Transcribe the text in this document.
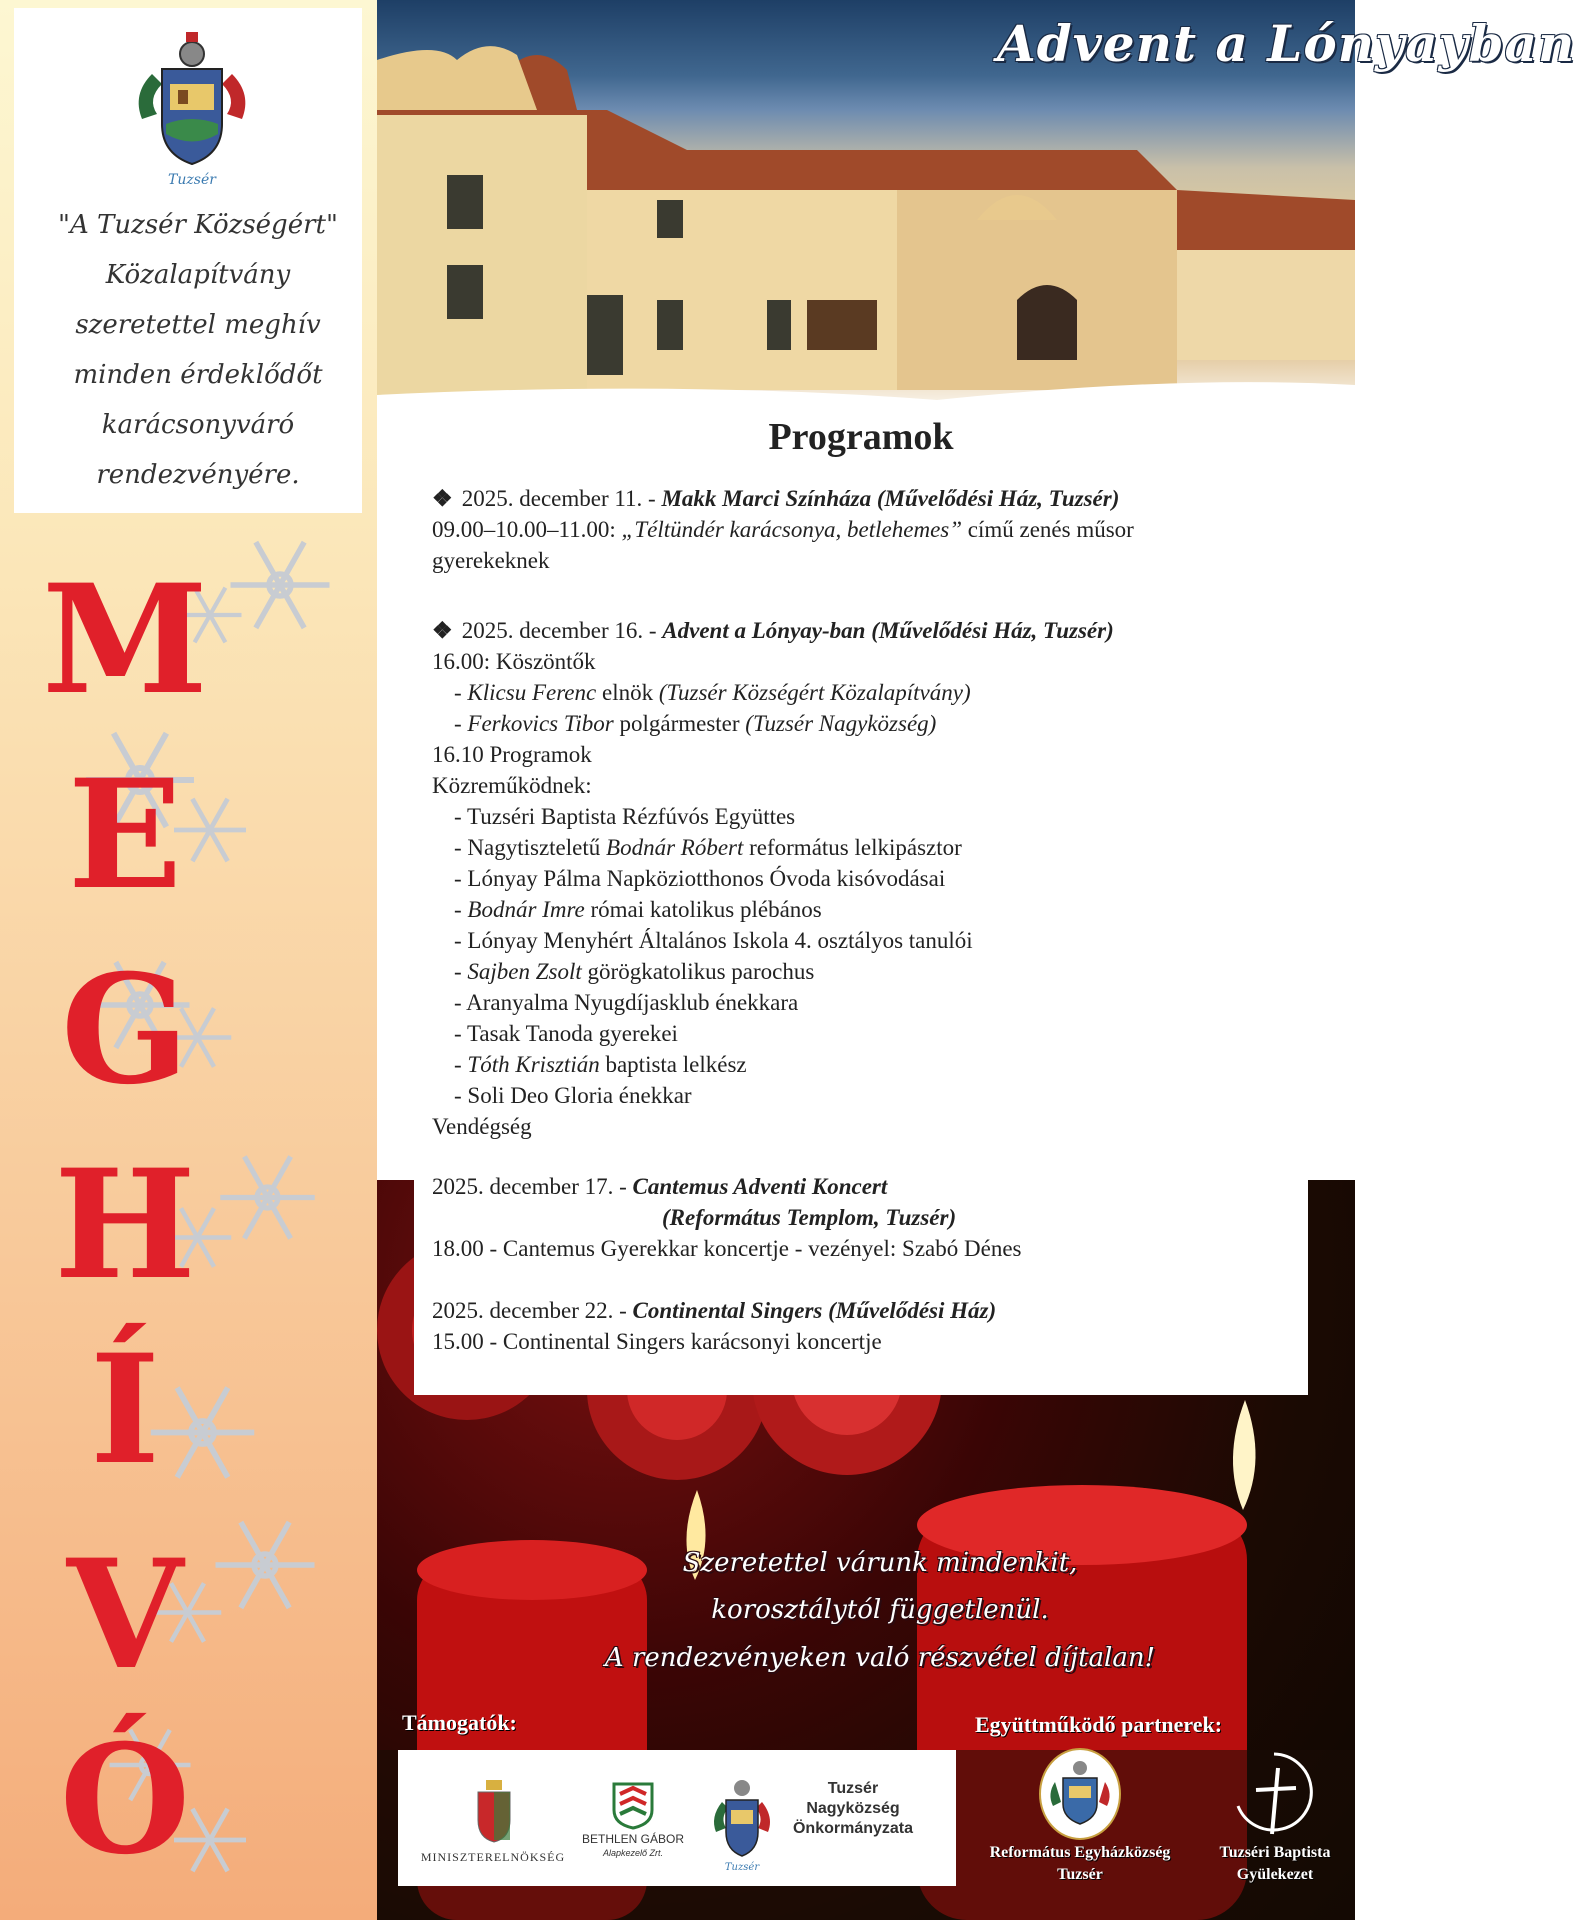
Tuzsér
"A Tuzsér Községért"
Közalapítvány
szeretettel meghív
minden érdeklődőt
karácsonyváró
rendezvényére.
M
E
G
H
Í
V
Ó
Advent a Lónyayban
Programok
❖ 2025. december 11. - Makk Marci Színháza (Művelődési Ház, Tuzsér)
09.00–10.00–11.00: „Téltündér karácsonya, betlehemes” című zenés műsor
gyerekeknek
❖ 2025. december 16. - Advent a Lónyay-ban (Művelődési Ház, Tuzsér)
16.00: Köszöntők
- Klicsu Ferenc elnök (Tuzsér Községért Közalapítvány)
- Ferkovics Tibor polgármester (Tuzsér Nagyközség)
16.10 Programok
Közreműködnek:
- Tuzséri Baptista Rézfúvós Együttes
- Nagytiszteletű Bodnár Róbert református lelkipásztor
- Lónyay Pálma Napköziotthonos Óvoda kisóvodásai
- Bodnár Imre római katolikus plébános
- Lónyay Menyhért Általános Iskola 4. osztályos tanulói
- Sajben Zsolt görögkatolikus parochus
- Aranyalma Nyugdíjasklub énekkara
- Tasak Tanoda gyerekei
- Tóth Krisztián baptista lelkész
- Soli Deo Gloria énekkar
Vendégség
2025. december 17. - Cantemus Adventi Koncert
(Református Templom, Tuzsér)
18.00 - Cantemus Gyerekkar koncertje - vezényel: Szabó Dénes
2025. december 22. - Continental Singers (Művelődési Ház)
15.00 - Continental Singers karácsonyi koncertje
Szeretettel várunk mindenkit,
korosztálytól függetlenül.
A rendezvényeken való részvétel díjtalan!
Támogatók:
MINISZTERELNÖKSÉG
BETHLEN GÁBOR
Alapkezelő Zrt.
Tuzsér
Tuzsér
Nagyközség
Önkormányzata
Együttműködő partnerek:
Református Egyházközség
Tuzsér
Tuzséri Baptista
Gyülekezet
